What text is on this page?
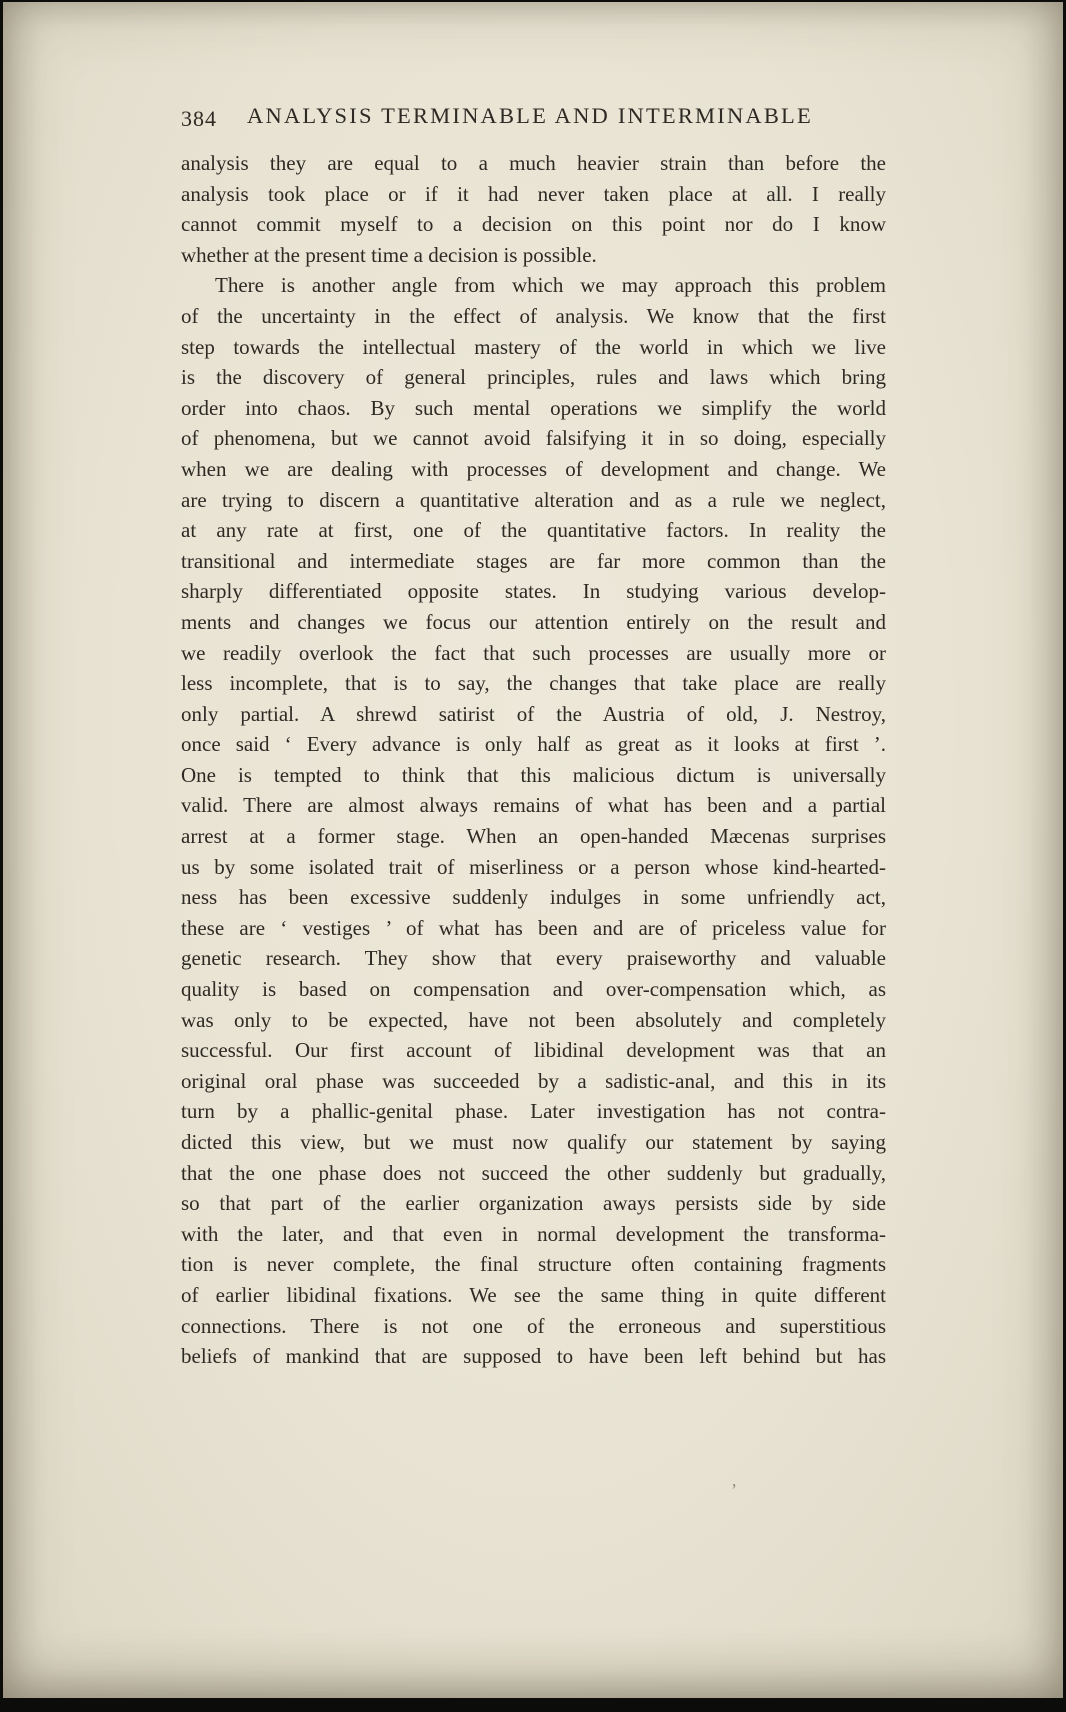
384	ANALYSIS TERMINABLE AND INTERMINABLE

analysis they are equal to a much heavier strain than before the
analysis took place or if it had never taken place at all. I really
cannot commit myself to a decision on this point nor do I know
whether at the present time a decision is possible.

There is another angle from which we may approach this problem
of the uncertainty in the effect of analysis. We know that the first
step towards the intellectual mastery of the world in which we live
is the discovery of general principles, rules and laws which bring
order into chaos. By such mental operations we simplify the world
of phenomena, but we cannot avoid falsifying it in so doing, especially
when we are dealing with processes of development and change. We
are trying to discern a quantitative alteration and as a rule we neglect,
at any rate at first, one of the quantitative factors. In reality the
transitional and intermediate stages are far more common than the
sharply differentiated opposite states. In studying various develop-
ments and changes we focus our attention entirely on the result and
we readily overlook the fact that such processes are usually more or
less incomplete, that is to say, the changes that take place are really
only partial. A shrewd satirist of the Austria of old, J. Nestroy,
once said ‘ Every advance is only half as great as it looks at first ’.
One is tempted to think that this malicious dictum is universally
valid. There are almost always remains of what has been and a partial
arrest at a former stage. When an open-handed Mæcenas surprises
us by some isolated trait of miserliness or a person whose kind-hearted-
ness has been excessive suddenly indulges in some unfriendly act,
these are ‘ vestiges ’ of what has been and are of priceless value for
genetic research. They show that every praiseworthy and valuable
quality is based on compensation and over-compensation which, as
was only to be expected, have not been absolutely and completely
successful. Our first account of libidinal development was that an
original oral phase was succeeded by a sadistic-anal, and this in its
turn by a phallic-genital phase. Later investigation has not contra-
dicted this view, but we must now qualify our statement by saying
that the one phase does not succeed the other suddenly but gradually,
so that part of the earlier organization aways persists side by side
with the later, and that even in normal development the transforma-
tion is never complete, the final structure often containing fragments
of earlier libidinal fixations. We see the same thing in quite different
connections. There is not one of the erroneous and superstitious
beliefs of mankind that are supposed to have been left behind but has

’
